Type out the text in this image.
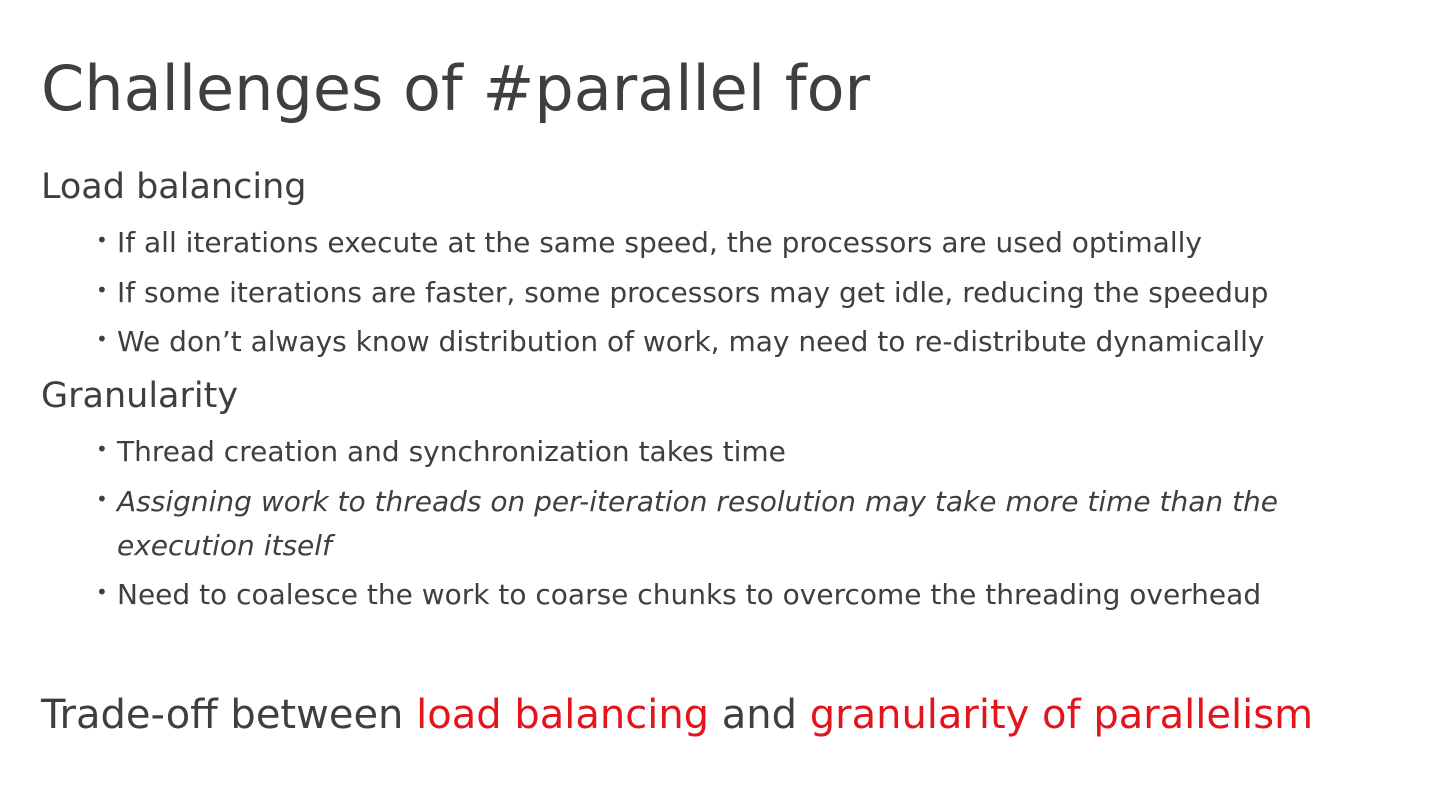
Challenges of #parallel for
Load balancing
• If all iterations execute at the same speed, the processors are used optimally
• If some iterations are faster, some processors may get idle, reducing the speedup
• We don’t always know distribution of work, may need to re-distribute dynamically
Granularity
• Thread creation and synchronization takes time
• Assigning work to threads on per-iteration resolution may take more time than the execution itself
• Need to coalesce the work to coarse chunks to overcome the threading overhead

Trade-off between load balancing and granularity of parallelism
